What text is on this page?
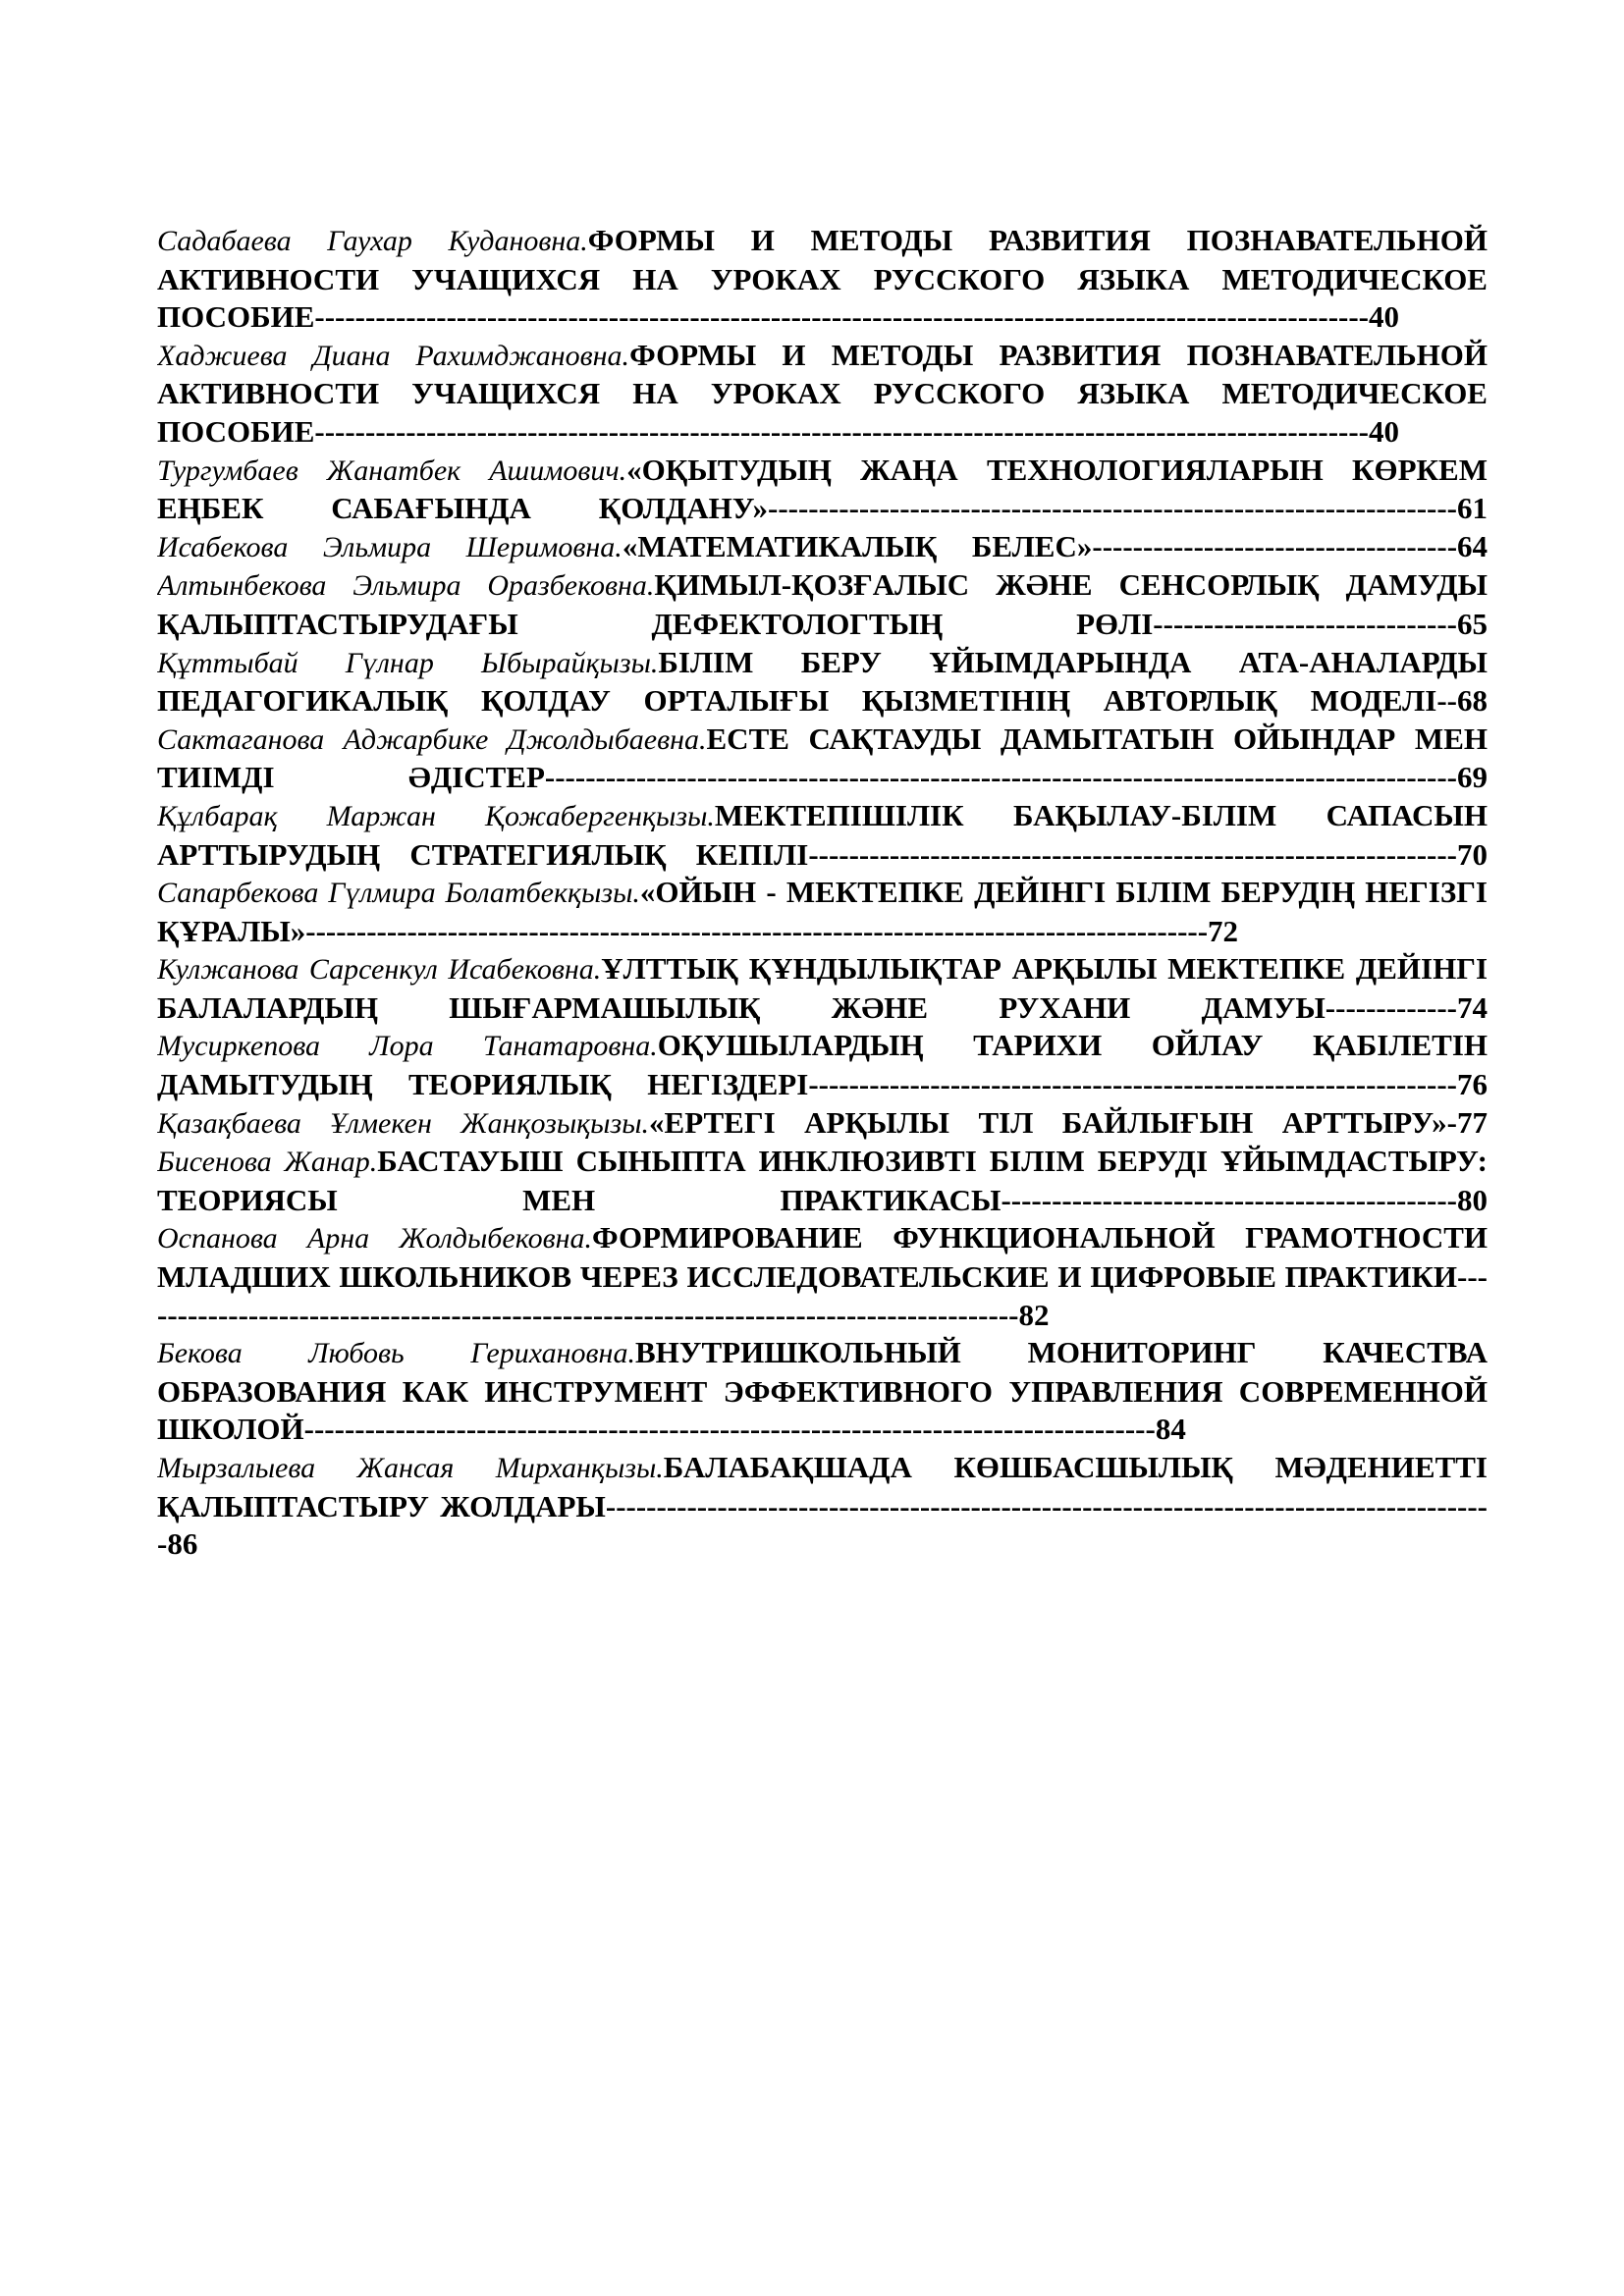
Садабаева Гаухар Кудановна.ФОРМЫ И МЕТОДЫ РАЗВИТИЯ ПОЗНАВАТЕЛЬНОЙ АКТИВНОСТИ УЧАЩИХСЯ НА УРОКАХ РУССКОГО ЯЗЫКА МЕТОДИЧЕСКОЕ ПОСОБИЕ--------------------------------------------------------------------------------------------------------40
Хаджиева Диана Рахимджановна.ФОРМЫ И МЕТОДЫ РАЗВИТИЯ ПОЗНАВАТЕЛЬНОЙ АКТИВНОСТИ УЧАЩИХСЯ НА УРОКАХ РУССКОГО ЯЗЫКА МЕТОДИЧЕСКОЕ ПОСОБИЕ--------------------------------------------------------------------------------------------------------40
Тургумбаев Жанатбек Ашимович.«ОҚЫТУДЫҢ ЖАҢА ТЕХНОЛОГИЯЛАРЫН КӨРКЕМ ЕҢБЕК САБАҒЫНДА ҚОЛДАНУ»--------------------------------------------------------------------61
Исабекова Эльмира Шеримовна.«МАТЕМАТИКАЛЫҚ БЕЛЕС»------------------------------------64
Алтынбекова Эльмира Оразбековна.ҚИМЫЛ-ҚОЗҒАЛЫС ЖӘНЕ СЕНСОРЛЫҚ ДАМУДЫ ҚАЛЫПТАСТЫРУДАҒЫ ДЕФЕКТОЛОГТЫҢ РӨЛІ------------------------------65
Құттыбай Гүлнар Ыбырайқызы.БІЛІМ БЕРУ ҰЙЫМДАРЫНДА АТА-АНАЛАРДЫ ПЕДАГОГИКАЛЫҚ ҚОЛДАУ ОРТАЛЫҒЫ ҚЫЗМЕТІНІҢ АВТОРЛЫҚ МОДЕЛІ--68
Сактаганова Аджарбике Джолдыбаевна.ЕСТЕ САҚТАУДЫ ДАМЫТАТЫН ОЙЫНДАР МЕН ТИІМДІ ӘДІСТЕР------------------------------------------------------------------------------------------69
Құлбарақ Маржан Қожабергенқызы.МЕКТЕПІШІЛІК БАҚЫЛАУ-БІЛІМ САПАСЫН АРТТЫРУДЫҢ СТРАТЕГИЯЛЫҚ КЕПІЛІ----------------------------------------------------------------70
Сапарбекова Гүлмира Болатбекқызы.«ОЙЫН - МЕКТЕПКЕ ДЕЙІНГІ БІЛІМ БЕРУДІҢ НЕГІЗГІ ҚҰРАЛЫ»-----------------------------------------------------------------------------------------72
Кулжанова Сарсенкул Исабековна.ҰЛТТЫҚ ҚҰНДЫЛЫҚТАР АРҚЫЛЫ МЕКТЕПКЕ ДЕЙІНГІ БАЛАЛАРДЫҢ ШЫҒАРМАШЫЛЫҚ ЖӘНЕ РУХАНИ ДАМУЫ-------------74
Мусиркепова Лора Танатаровна.ОҚУШЫЛАРДЫҢ ТАРИХИ ОЙЛАУ ҚАБІЛЕТІН ДАМЫТУДЫҢ ТЕОРИЯЛЫҚ НЕГІЗДЕРІ----------------------------------------------------------------76
Қазақбаева Ұлмекен Жанқозықызы.«ЕРТЕГІ АРҚЫЛЫ ТІЛ БАЙЛЫҒЫН АРТТЫРУ»-77
Бисенова Жанар.БАСТАУЫШ СЫНЫПТА ИНКЛЮЗИВТІ БІЛІМ БЕРУДІ ҰЙЫМДАСТЫРУ: ТЕОРИЯСЫ МЕН ПРАКТИКАСЫ---------------------------------------------80
Оспанова Арна Жолдыбековна.ФОРМИРОВАНИЕ ФУНКЦИОНАЛЬНОЙ ГРАМОТНОСТИ МЛАДШИХ ШКОЛЬНИКОВ ЧЕРЕЗ ИССЛЕДОВАТЕЛЬСКИЕ И ЦИФРОВЫЕ ПРАКТИКИ----------------------------------------------------------------------------------------82
Бекова Любовь Герихановна.ВНУТРИШКОЛЬНЫЙ МОНИТОРИНГ КАЧЕСТВА ОБРАЗОВАНИЯ КАК ИНСТРУМЕНТ ЭФФЕКТИВНОГО УПРАВЛЕНИЯ СОВРЕМЕННОЙ ШКОЛОЙ------------------------------------------------------------------------------------84
Мырзалыева Жансая Мирханқызы.БАЛАБАҚШАДА КӨШБАСШЫЛЫҚ МӘДЕНИЕТТІ ҚАЛЫПТАСТЫРУ ЖОЛДАРЫ----------------------------------------------------------------------------------------86
